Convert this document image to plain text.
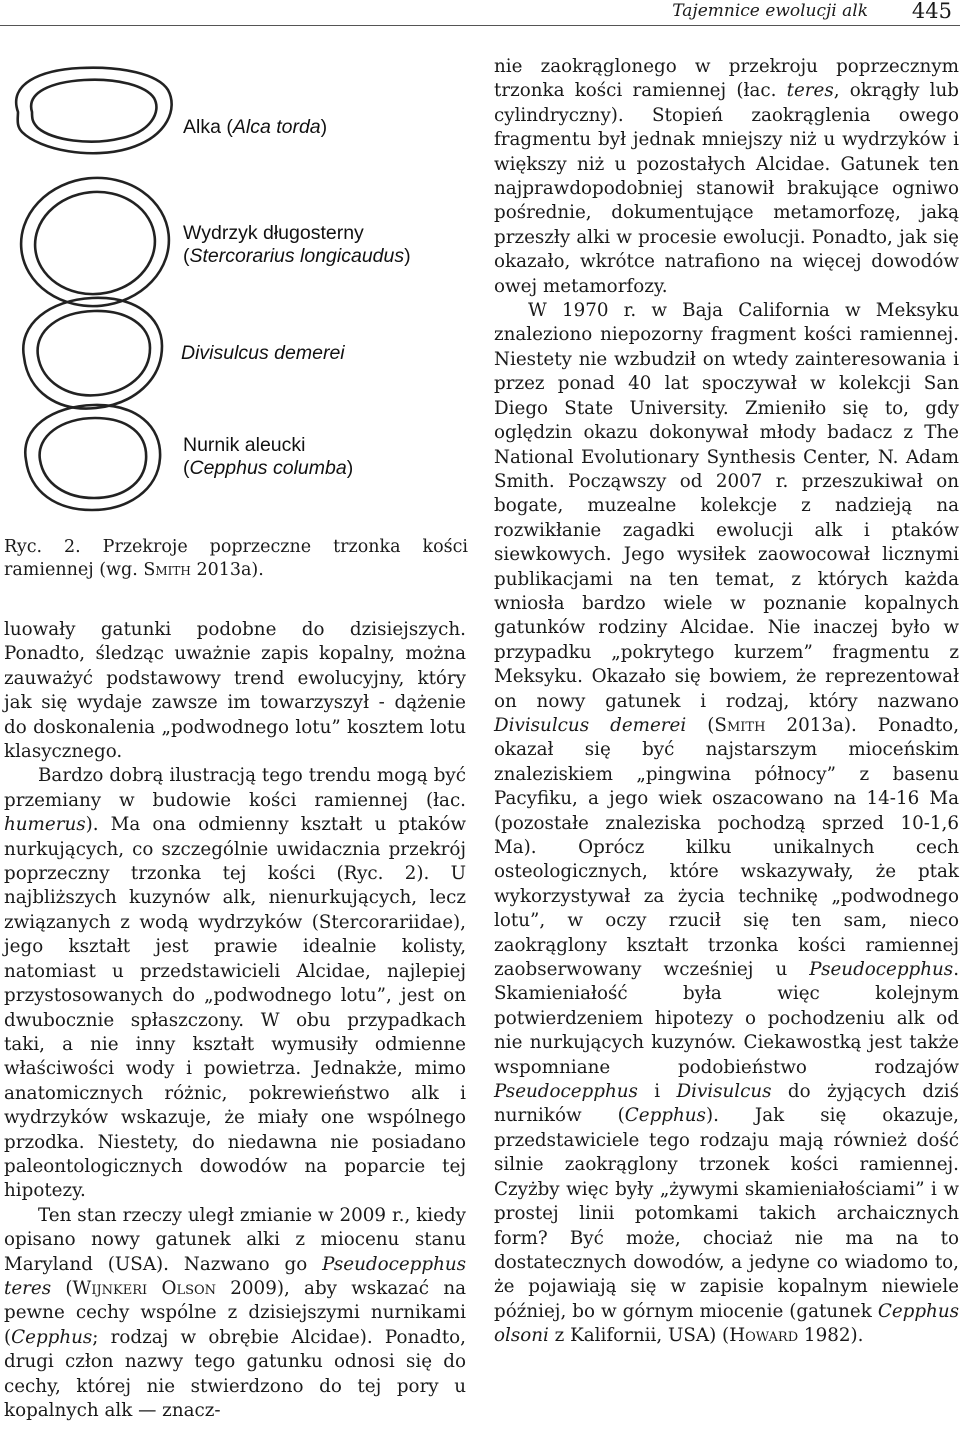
Tajemnice ewolucji alk 445
Alka (Alca torda)
Wydrzyk długosterny
(Stercorarius longicaudus)
Divisulcus demerei
Nurnik aleucki
(Cepphus columba)
Ryc. 2. Przekroje poprzeczne trzonka kości ramiennej (wg. Smith 2013a).

luowały gatunki podobne do dzisiejszych. Ponadto, śledząc uważnie zapis kopalny, można zauważyć podstawowy trend ewolucyjny, który jak się wydaje zawsze im towarzyszył - dążenie do doskonalenia „podwodnego lotu” kosztem lotu klasycznego.

Bardzo dobrą ilustracją tego trendu mogą być przemiany w budowie kości ramiennej (łac. humerus). Ma ona odmienny kształt u ptaków nurkujących, co szczególnie uwidacznia przekrój poprzeczny trzonka tej kości (Ryc. 2). U najbliższych kuzynów alk, nienurkujących, lecz związanych z wodą wydrzyków (Stercorariidae), jego kształt jest prawie idealnie kolisty, natomiast u przedstawicieli Alcidae, najlepiej przystosowanych do „podwodnego lotu”, jest on dwubocznie spłaszczony. W obu przypadkach taki, a nie inny kształt wymusiły odmienne właściwości wody i powietrza. Jednakże, mimo anatomicznych różnic, pokrewieństwo alk i wydrzyków wskazuje, że miały one wspólnego przodka. Niestety, do niedawna nie posiadano paleontologicznych dowodów na poparcie tej hipotezy.

Ten stan rzeczy uległ zmianie w 2009 r., kiedy opisano nowy gatunek alki z miocenu stanu Maryland (USA). Nazwano go Pseudocepphus teres (Wijnkeri Olson 2009), aby wskazać na pewne cechy wspólne z dzisiejszymi nurnikami (Cepphus; rodzaj w obrębie Alcidae). Ponadto, drugi człon nazwy tego gatunku odnosi się do cechy, której nie stwierdzono do tej pory u kopalnych alk — znacz-

nie zaokrąglonego w przekroju poprzecznym trzonka kości ramiennej (łac. teres, okrągły lub cylindryczny). Stopień zaokrąglenia owego fragmentu był jednak mniejszy niż u wydrzyków i większy niż u pozostałych Alcidae. Gatunek ten najprawdopodobniej stanowił brakujące ogniwo pośrednie, dokumentujące metamorfozę, jaką przeszły alki w procesie ewolucji. Ponadto, jak się okazało, wkrótce natrafiono na więcej dowodów owej metamorfozy.

W 1970 r. w Baja California w Meksyku znaleziono niepozorny fragment kości ramiennej. Niestety nie wzbudził on wtedy zainteresowania i przez ponad 40 lat spoczywał w kolekcji San Diego State University. Zmieniło się to, gdy oględzin okazu dokonywał młody badacz z The National Evolutionary Synthesis Center, N. Adam Smith. Począwszy od 2007 r. przeszukiwał on bogate, muzealne kolekcje z nadzieją na rozwikłanie zagadki ewolucji alk i ptaków siewkowych. Jego wysiłek zaowocował licznymi publikacjami na ten temat, z których każda wniosła bardzo wiele w poznanie kopalnych gatunków rodziny Alcidae. Nie inaczej było w przypadku „pokrytego kurzem” fragmentu z Meksyku. Okazało się bowiem, że reprezentował on nowy gatunek i rodzaj, który nazwano Divisulcus demerei (Smith 2013a). Ponadto, okazał się być najstarszym mioceńskim znaleziskiem „pingwina północy” z basenu Pacyfiku, a jego wiek oszacowano na 14-16 Ma (pozostałe znaleziska pochodzą sprzed 10-1,6 Ma). Oprócz kilku unikalnych cech osteologicznych, które wskazywały, że ptak wykorzystywał za życia technikę „podwodnego lotu”, w oczy rzucił się ten sam, nieco zaokrąglony kształt trzonka kości ramiennej zaobserwowany wcześniej u Pseudocepphus. Skamieniałość była więc kolejnym potwierdzeniem hipotezy o pochodzeniu alk od nie nurkujących kuzynów. Ciekawostką jest także wspomniane podobieństwo rodzajów Pseudocepphus i Divisulcus do żyjących dziś nurników (Cepphus). Jak się okazuje, przedstawiciele tego rodzaju mają również dość silnie zaokrąglony trzonek kości ramiennej. Czyżby więc były „żywymi skamieniałościami” i w prostej linii potomkami takich archaicznych form? Być może, chociaż nie ma na to dostatecznych dowodów, a jedyne co wiadomo to, że pojawiają się w zapisie kopalnym niewiele później, bo w górnym miocenie (gatunek Cepphus olsoni z Kalifornii, USA) (Howard 1982).
